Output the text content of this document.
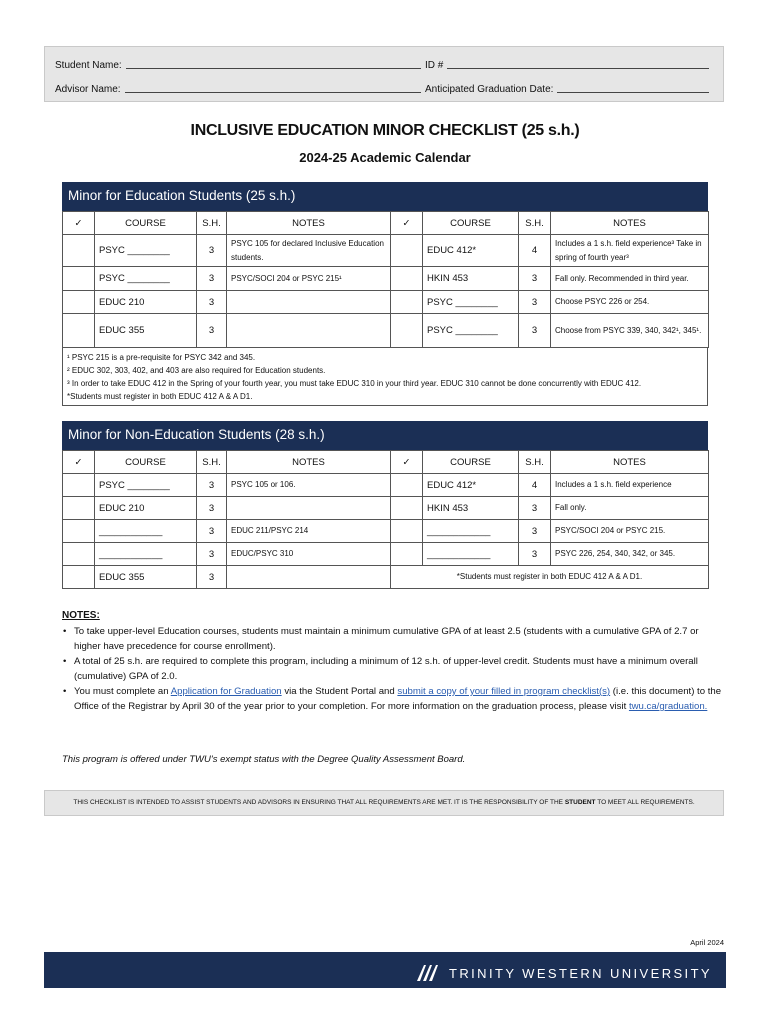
Student Name:	ID #
Advisor Name:	Anticipated Graduation Date:
INCLUSIVE EDUCATION MINOR CHECKLIST (25 s.h.)
2024-25 Academic Calendar
Minor for Education Students (25 s.h.)
✓	COURSE	S.H.	NOTES	✓	COURSE	S.H.	NOTES
	PSYC ________	3	PSYC 105 for declared Inclusive Education students.		EDUC 412*	4	Includes a 1 s.h. field experience³ Take in spring of fourth year³
	PSYC ________	3	PSYC/SOCI 204 or PSYC 215¹		HKIN 453	3	Fall only. Recommended in third year.
	EDUC 210	3			PSYC ________	3	Choose PSYC 226 or 254.
	EDUC 355	3			PSYC ________	3	Choose from PSYC 339, 340, 342¹, 345¹.
¹ PSYC 215 is a pre-requisite for PSYC 342 and 345.
² EDUC 302, 303, 402, and 403 are also required for Education students.
³ In order to take EDUC 412 in the Spring of your fourth year, you must take EDUC 310 in your third year. EDUC 310 cannot be done concurrently with EDUC 412.
*Students must register in both EDUC 412 A & A D1.
Minor for Non-Education Students (28 s.h.)
✓	COURSE	S.H.	NOTES	✓	COURSE	S.H.	NOTES
	PSYC ________	3	PSYC 105 or 106.		EDUC 412*	4	Includes a 1 s.h. field experience
	EDUC 210	3			HKIN 453	3	Fall only.
	____________	3	EDUC 211/PSYC 214		____________	3	PSYC/SOCI 204 or PSYC 215.
	____________	3	EDUC/PSYC 310		____________	3	PSYC 226, 254, 340, 342, or 345.
	EDUC 355	3		*Students must register in both EDUC 412 A & A D1.			
NOTES:
• To take upper-level Education courses, students must maintain a minimum cumulative GPA of at least 2.5 (students with a cumulative GPA of 2.7 or higher have precedence for course enrollment).
• A total of 25 s.h. are required to complete this program, including a minimum of 12 s.h. of upper-level credit. Students must have a minimum overall (cumulative) GPA of 2.0.
• You must complete an Application for Graduation via the Student Portal and submit a copy of your filled in program checklist(s) (i.e. this document) to the Office of the Registrar by April 30 of the year prior to your completion. For more information on the graduation process, please visit twu.ca/graduation.
This program is offered under TWU's exempt status with the Degree Quality Assessment Board.
THIS CHECKLIST IS INTENDED TO ASSIST STUDENTS AND ADVISORS IN ENSURING THAT ALL REQUIREMENTS ARE MET. IT IS THE RESPONSIBILITY OF THE STUDENT TO MEET ALL REQUIREMENTS.
April 2024
TRINITY WESTERN UNIVERSITY
